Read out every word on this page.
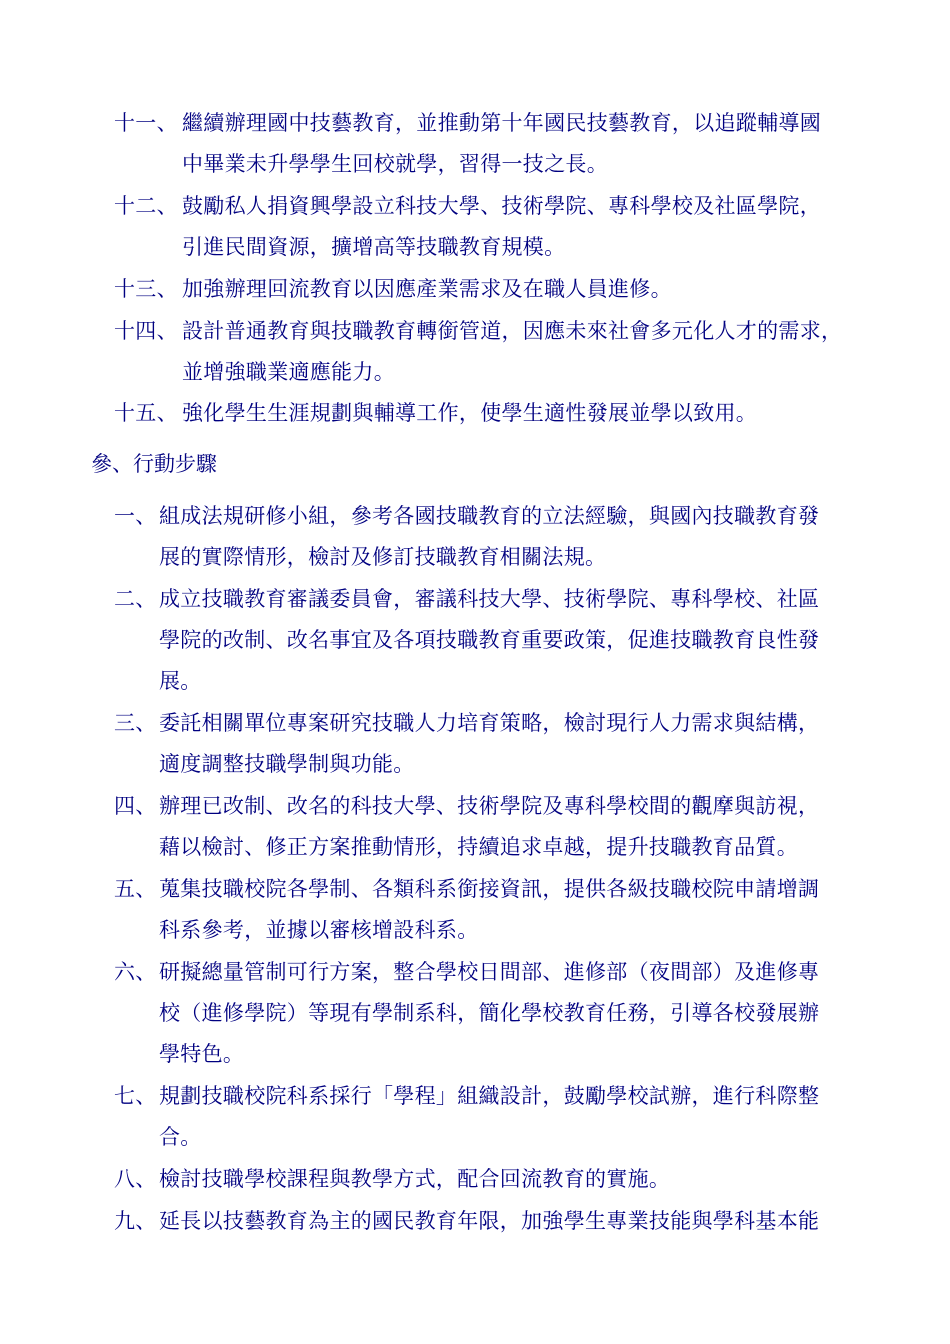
十一、 繼續辦理國中技藝教育，並推動第十年國民技藝教育，以追蹤輔導國
中畢業未升學學生回校就學，習得一技之長。
十二、 鼓勵私人捐資興學設立科技大學、技術學院、專科學校及社區學院，
引進民間資源，擴增高等技職教育規模。
十三、 加強辦理回流教育以因應產業需求及在職人員進修。
十四、 設計普通教育與技職教育轉銜管道，因應未來社會多元化人才的需求，
並增強職業適應能力。
十五、 強化學生生涯規劃與輔導工作，使學生適性發展並學以致用。
參、行動步驟
一、 組成法規研修小組，參考各國技職教育的立法經驗，與國內技職教育發
展的實際情形，檢討及修訂技職教育相關法規。
二、 成立技職教育審議委員會，審議科技大學、技術學院、專科學校、社區
學院的改制、改名事宜及各項技職教育重要政策，促進技職教育良性發
展。
三、 委託相關單位專案研究技職人力培育策略，檢討現行人力需求與結構，
適度調整技職學制與功能。
四、 辦理已改制、改名的科技大學、技術學院及專科學校間的觀摩與訪視，
藉以檢討、修正方案推動情形，持續追求卓越，提升技職教育品質。
五、 蒐集技職校院各學制、各類科系銜接資訊，提供各級技職校院申請增調
科系參考，並據以審核增設科系。
六、 研擬總量管制可行方案，整合學校日間部、進修部（夜間部）及進修專
校（進修學院）等現有學制系科，簡化學校教育任務，引導各校發展辦
學特色。
七、 規劃技職校院科系採行「學程」組織設計，鼓勵學校試辦，進行科際整
合。
八、 檢討技職學校課程與教學方式，配合回流教育的實施。
九、 延長以技藝教育為主的國民教育年限，加強學生專業技能與學科基本能
